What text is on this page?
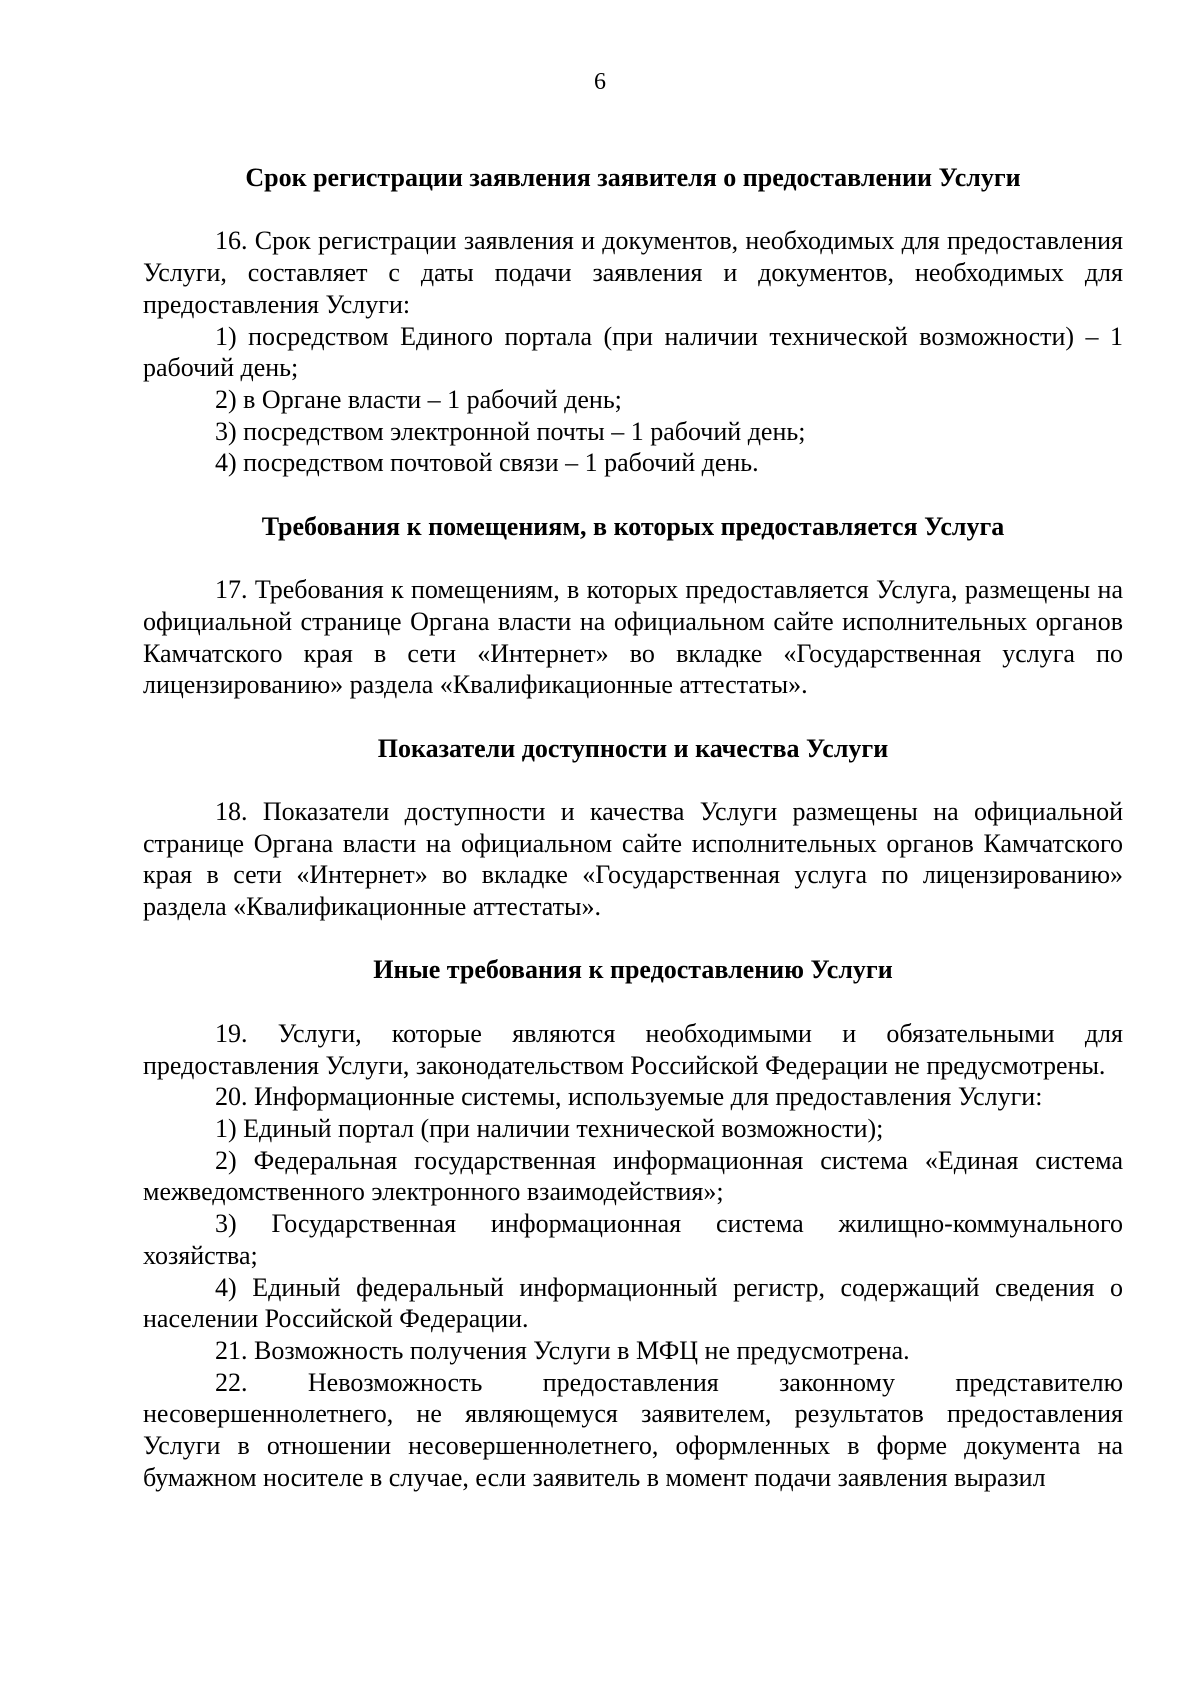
6

Срок регистрации заявления заявителя о предоставлении Услуги

16. Срок регистрации заявления и документов, необходимых для предоставления Услуги, составляет с даты подачи заявления и документов, необходимых для предоставления Услуги:

1) посредством Единого портала (при наличии технической возможности) – 1 рабочий день;

2) в Органе власти – 1 рабочий день;

3) посредством электронной почты – 1 рабочий день;

4) посредством почтовой связи – 1 рабочий день.

Требования к помещениям, в которых предоставляется Услуга

17. Требования к помещениям, в которых предоставляется Услуга, размещены на официальной странице Органа власти на официальном сайте исполнительных органов Камчатского края в сети «Интернет» во вкладке «Государственная услуга по лицензированию» раздела «Квалификационные аттестаты».

Показатели доступности и качества Услуги

18. Показатели доступности и качества Услуги размещены на официальной странице Органа власти на официальном сайте исполнительных органов Камчатского края в сети «Интернет» во вкладке «Государственная услуга по лицензированию» раздела «Квалификационные аттестаты».

Иные требования к предоставлению Услуги

19. Услуги, которые являются необходимыми и обязательными для предоставления Услуги, законодательством Российской Федерации не предусмотрены.

20. Информационные системы, используемые для предоставления Услуги:

1) Единый портал (при наличии технической возможности);

2) Федеральная государственная информационная система «Единая система межведомственного электронного взаимодействия»;

3) Государственная информационная система жилищно-коммунального хозяйства;

4) Единый федеральный информационный регистр, содержащий сведения о населении Российской Федерации.

21. Возможность получения Услуги в МФЦ не предусмотрена.

22. Невозможность предоставления законному представителю несовершеннолетнего, не являющемуся заявителем, результатов предоставления Услуги в отношении несовершеннолетнего, оформленных в форме документа на бумажном носителе в случае, если заявитель в момент подачи заявления выразил
